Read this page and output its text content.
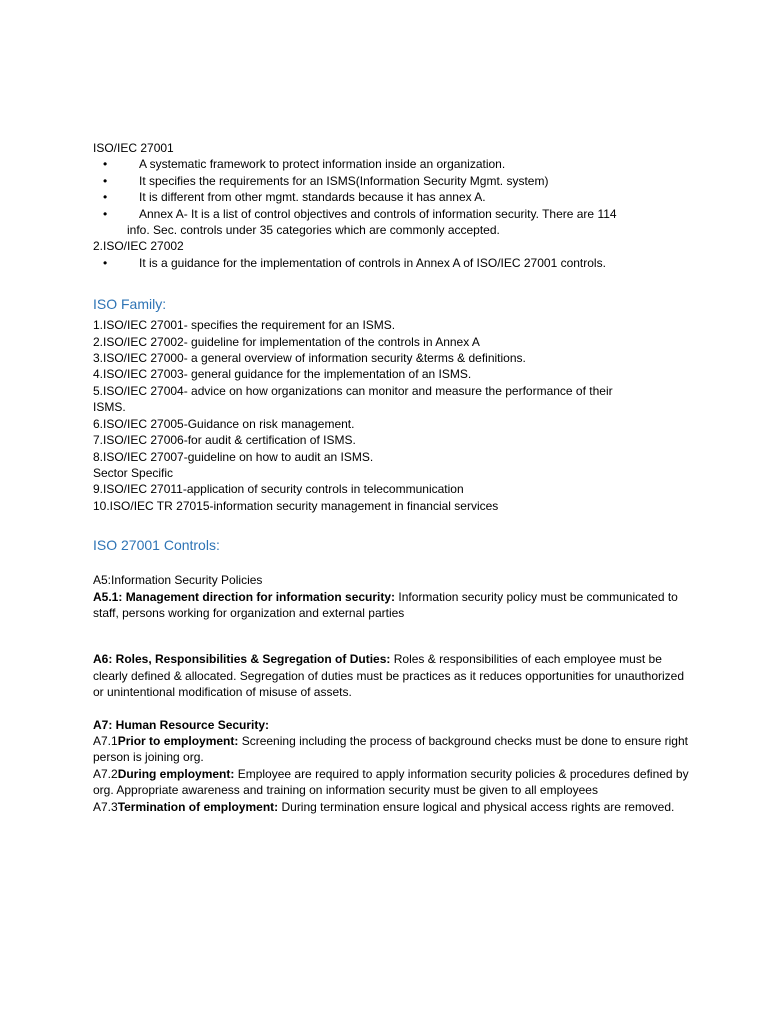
ISO/IEC 27001
•	A systematic framework to protect information inside an organization.
•	It specifies the requirements for an ISMS(Information Security Mgmt. system)
•	It is different from other mgmt. standards because it has annex A.
•	Annex A- It is a list of control objectives and controls of information security. There are 114
info. Sec. controls under 35 categories which are commonly accepted.
2.ISO/IEC 27002
•	It is a guidance for the implementation of controls in Annex A of ISO/IEC 27001 controls.
ISO Family:
1.ISO/IEC 27001- specifies the requirement for an ISMS.
2.ISO/IEC 27002- guideline for implementation of the controls in Annex A
3.ISO/IEC 27000- a general overview of information security &terms & definitions.
4.ISO/IEC 27003- general guidance for the implementation of an ISMS.
5.ISO/IEC 27004- advice on how organizations can monitor and measure the performance of their
ISMS.
6.ISO/IEC 27005-Guidance on risk management.
7.ISO/IEC 27006-for audit & certification of ISMS.
8.ISO/IEC 27007-guideline on how to audit an ISMS.
Sector Specific
9.ISO/IEC 27011-application of security controls in telecommunication
10.ISO/IEC TR 27015-information security management in financial services
ISO 27001 Controls:
A5:Information Security Policies
A5.1: Management direction for information security: Information security policy must be communicated to staff, persons working for organization and external parties
A6: Roles, Responsibilities & Segregation of Duties: Roles & responsibilities of each employee must be clearly defined & allocated. Segregation of duties must be practices as it reduces opportunities for unauthorized or unintentional modification of misuse of assets.
A7: Human Resource Security:
A7.1Prior to employment: Screening including the process of background checks must be done to ensure right person is joining org.
A7.2During employment: Employee are required to apply information security policies & procedures defined by org. Appropriate awareness and training on information security must be given to all employees
A7.3Termination of employment: During termination ensure logical and physical access rights are removed.
